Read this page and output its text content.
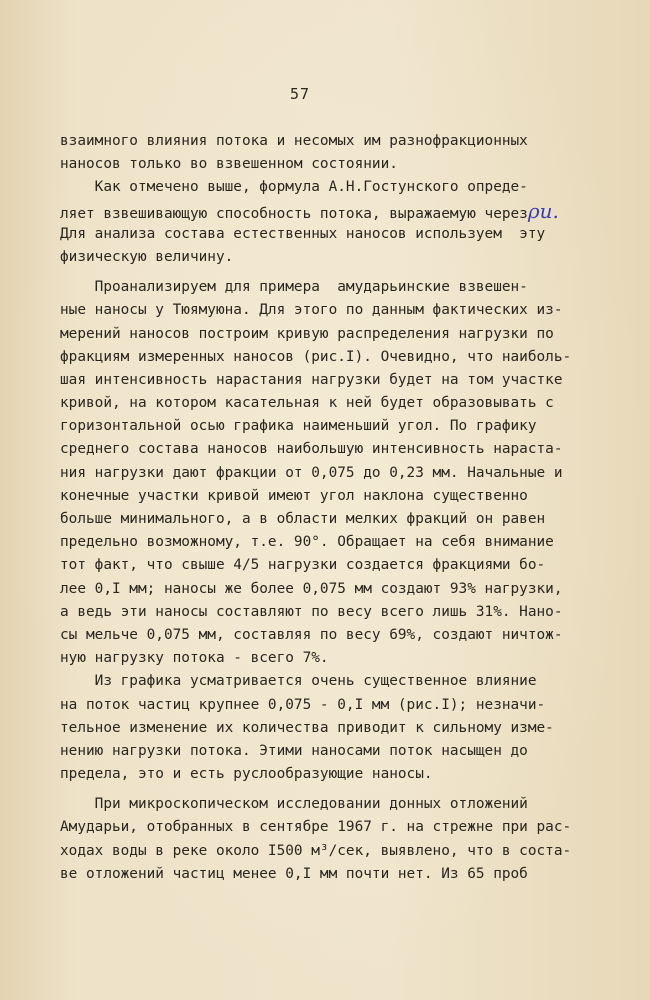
57
взаимного влияния потока и несомых им разнофракционных
наносов только во взвешенном состоянии.
Как отмечено выше, формула А.Н.Гостунского опреде-
ляет взвешивающую способность потока, выражаемую черезρu.
Для анализа состава естественных наносов используем  эту
физическую величину.
Проанализируем для примера  амударьинские взвешен-
ные наносы у Тюямуюна. Для этого по данным фактических из-
мерений наносов построим кривую распределения нагрузки по
фракциям измеренных наносов (рис.I). Очевидно, что наиболь-
шая интенсивность нарастания нагрузки будет на том участке
кривой, на котором касательная к ней будет образовывать с
горизонтальной осью графика наименьший угол. По графику
среднего состава наносов наибольшую интенсивность нараста-
ния нагрузки дают фракции от 0,075 до 0,23 мм. Начальные и
конечные участки кривой имеют угол наклона существенно
больше минимального, а в области мелких фракций он равен
предельно возможному, т.е. 90°. Обращает на себя внимание
тот факт, что свыше 4/5 нагрузки создается фракциями бо-
лее 0,I мм; наносы же более 0,075 мм создают 93% нагрузки,
а ведь эти наносы составляют по весу всего лишь 31%. Нано-
сы мельче 0,075 мм, составляя по весу 69%, создают ничтож-
ную нагрузку потока - всего 7%.
Из графика усматривается очень существенное влияние
на поток частиц крупнее 0,075 - 0,I мм (рис.I); незначи-
тельное изменение их количества приводит к сильному изме-
нению нагрузки потока. Этими наносами поток насыщен до
предела, это и есть руслообразующие наносы.
При микроскопическом исследовании донных отложений
Амударьи, отобранных в сентябре 1967 г. на стрежне при рас-
ходах воды в реке около I500 м³/сек, выявлено, что в соста-
ве отложений частиц менее 0,I мм почти нет. Из 65 проб
